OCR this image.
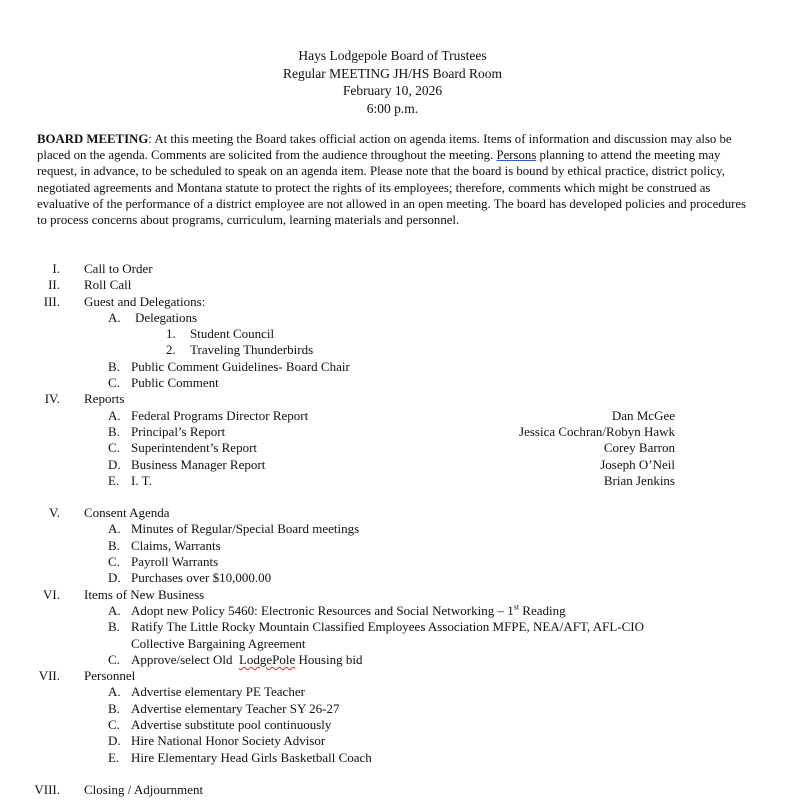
Hays Lodgepole Board of Trustees
Regular MEETING JH/HS Board Room
February 10, 2026
6:00 p.m.
BOARD MEETING: At this meeting the Board takes official action on agenda items. Items of information and discussion may also be placed on the agenda. Comments are solicited from the audience throughout the meeting. Persons planning to attend the meeting may request, in advance, to be scheduled to speak on an agenda item. Please note that the board is bound by ethical practice, district policy, negotiated agreements and Montana statute to protect the rights of its employees; therefore, comments which might be construed as evaluative of the performance of a district employee are not allowed in an open meeting. The board has developed policies and procedures to process concerns about programs, curriculum, learning materials and personnel.
I. Call to Order
II. Roll Call
III. Guest and Delegations:
A. Delegations
1. Student Council
2. Traveling Thunderbirds
B. Public Comment Guidelines- Board Chair
C. Public Comment
IV. Reports
A. Federal Programs Director Report	Dan McGee
B. Principal’s Report	Jessica Cochran/Robyn Hawk
C. Superintendent’s Report	Corey Barron
D. Business Manager Report	Joseph O’Neil
E. I. T.	Brian Jenkins
V. Consent Agenda
A. Minutes of Regular/Special Board meetings
B. Claims, Warrants
C. Payroll Warrants
D. Purchases over $10,000.00
VI. Items of New Business
A. Adopt new Policy 5460: Electronic Resources and Social Networking – 1st Reading
B. Ratify The Little Rocky Mountain Classified Employees Association MFPE, NEA/AFT, AFL-CIO
Collective Bargaining Agreement
C. Approve/select Old  LodgePole Housing bid
VII. Personnel
A. Advertise elementary PE Teacher
B. Advertise elementary Teacher SY 26-27
C. Advertise substitute pool continuously
D. Hire National Honor Society Advisor
E. Hire Elementary Head Girls Basketball Coach
VIII. Closing / Adjournment
